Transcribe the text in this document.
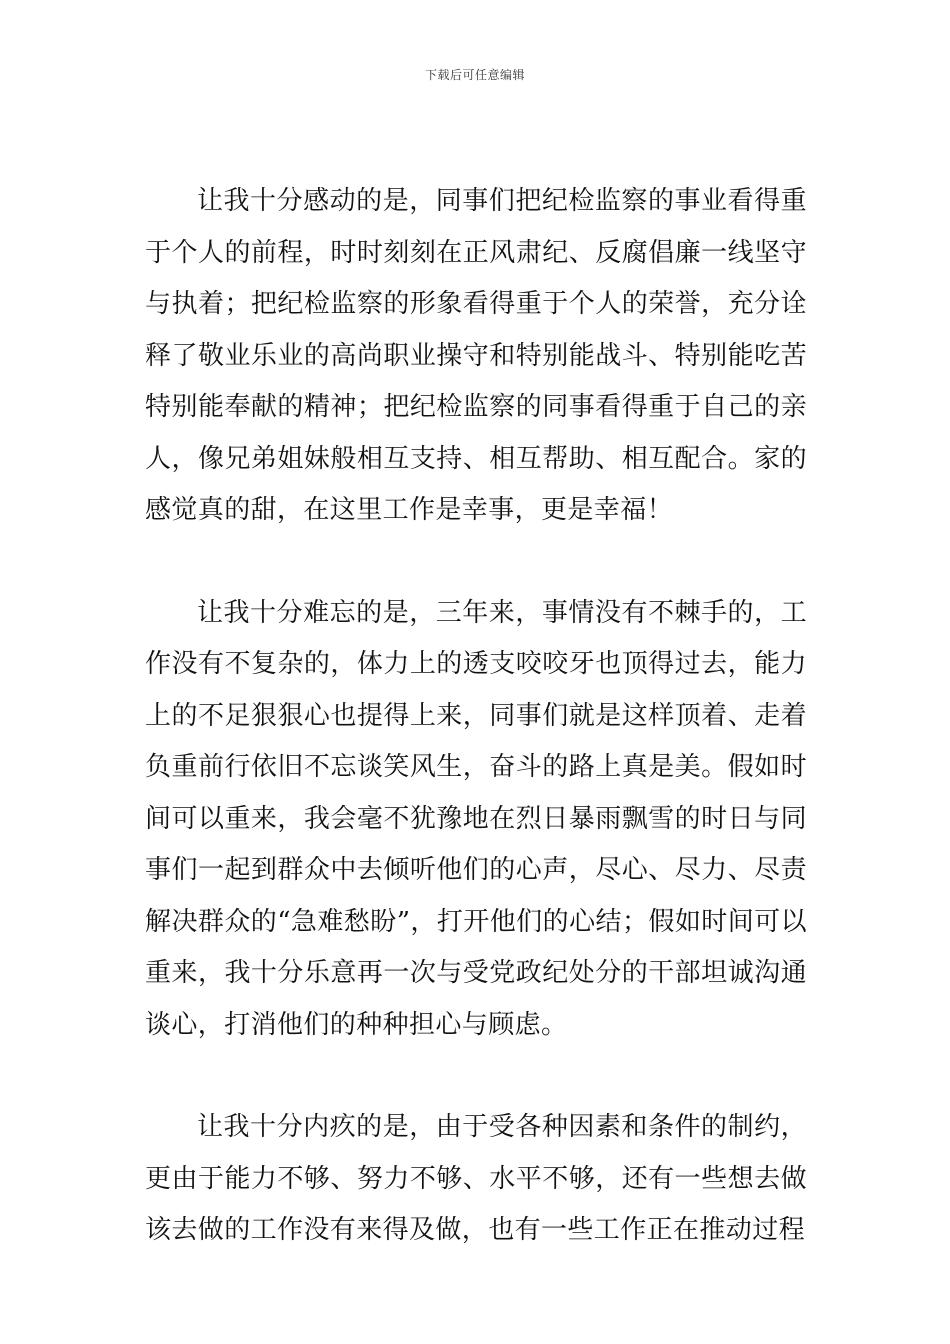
下载后可任意编辑

让我十分感动的是，同事们把纪检监察的事业看得重于个人的前程，时时刻刻在正风肃纪、反腐倡廉一线坚守与执着；把纪检监察的形象看得重于个人的荣誉，充分诠释了敬业乐业的高尚职业操守和特别能战斗、特别能吃苦特别能奉献的精神；把纪检监察的同事看得重于自己的亲人，像兄弟姐妹般相互支持、相互帮助、相互配合。家的感觉真的甜，在这里工作是幸事，更是幸福！

让我十分难忘的是，三年来，事情没有不棘手的，工作没有不复杂的，体力上的透支咬咬牙也顶得过去，能力上的不足狠狠心也提得上来，同事们就是这样顶着、走着负重前行依旧不忘谈笑风生，奋斗的路上真是美。假如时间可以重来，我会毫不犹豫地在烈日暴雨飘雪的时日与同事们一起到群众中去倾听他们的心声，尽心、尽力、尽责解决群众的“急难愁盼”，打开他们的心结；假如时间可以重来，我十分乐意再一次与受党政纪处分的干部坦诚沟通谈心，打消他们的种种担心与顾虑。

让我十分内疚的是，由于受各种因素和条件的制约，更由于能力不够、努力不够、水平不够，还有一些想去做该去做的工作没有来得及做，也有一些工作正在推动过程
